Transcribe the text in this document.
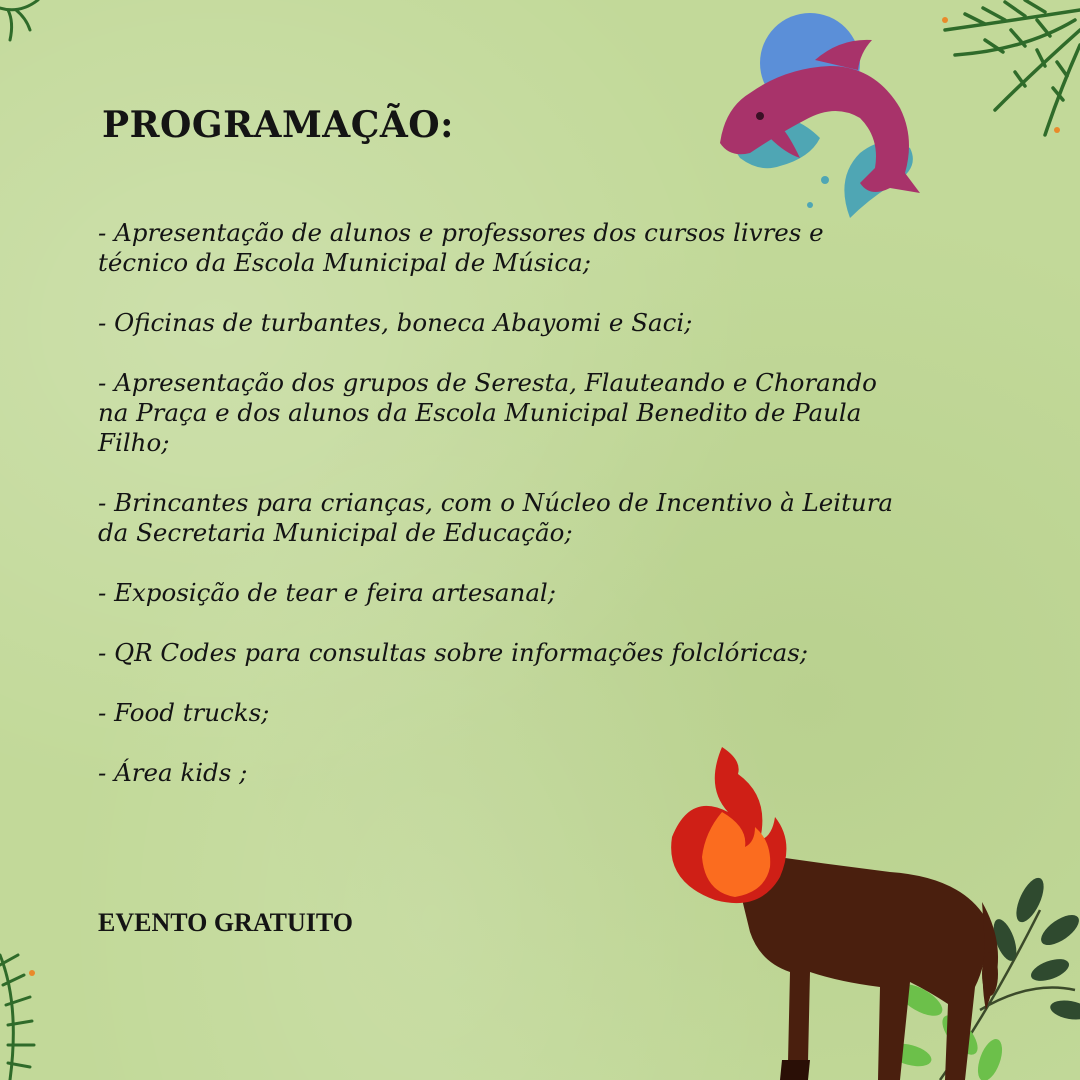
PROGRAMAÇÃO:
- Apresentação de alunos e professores dos cursos livres e técnico da Escola Municipal de Música;
- Oficinas de turbantes, boneca Abayomi e Saci;
- Apresentação dos grupos de Seresta, Flauteando e Chorando na Praça e dos alunos da Escola Municipal Benedito de Paula Filho;
- Brincantes para crianças, com o Núcleo de Incentivo à Leitura da Secretaria Municipal de Educação;
- Exposição de tear e feira artesanal;
- QR Codes para consultas sobre informações folclóricas;
- Food trucks;
- Área kids ;

EVENTO GRATUITO
